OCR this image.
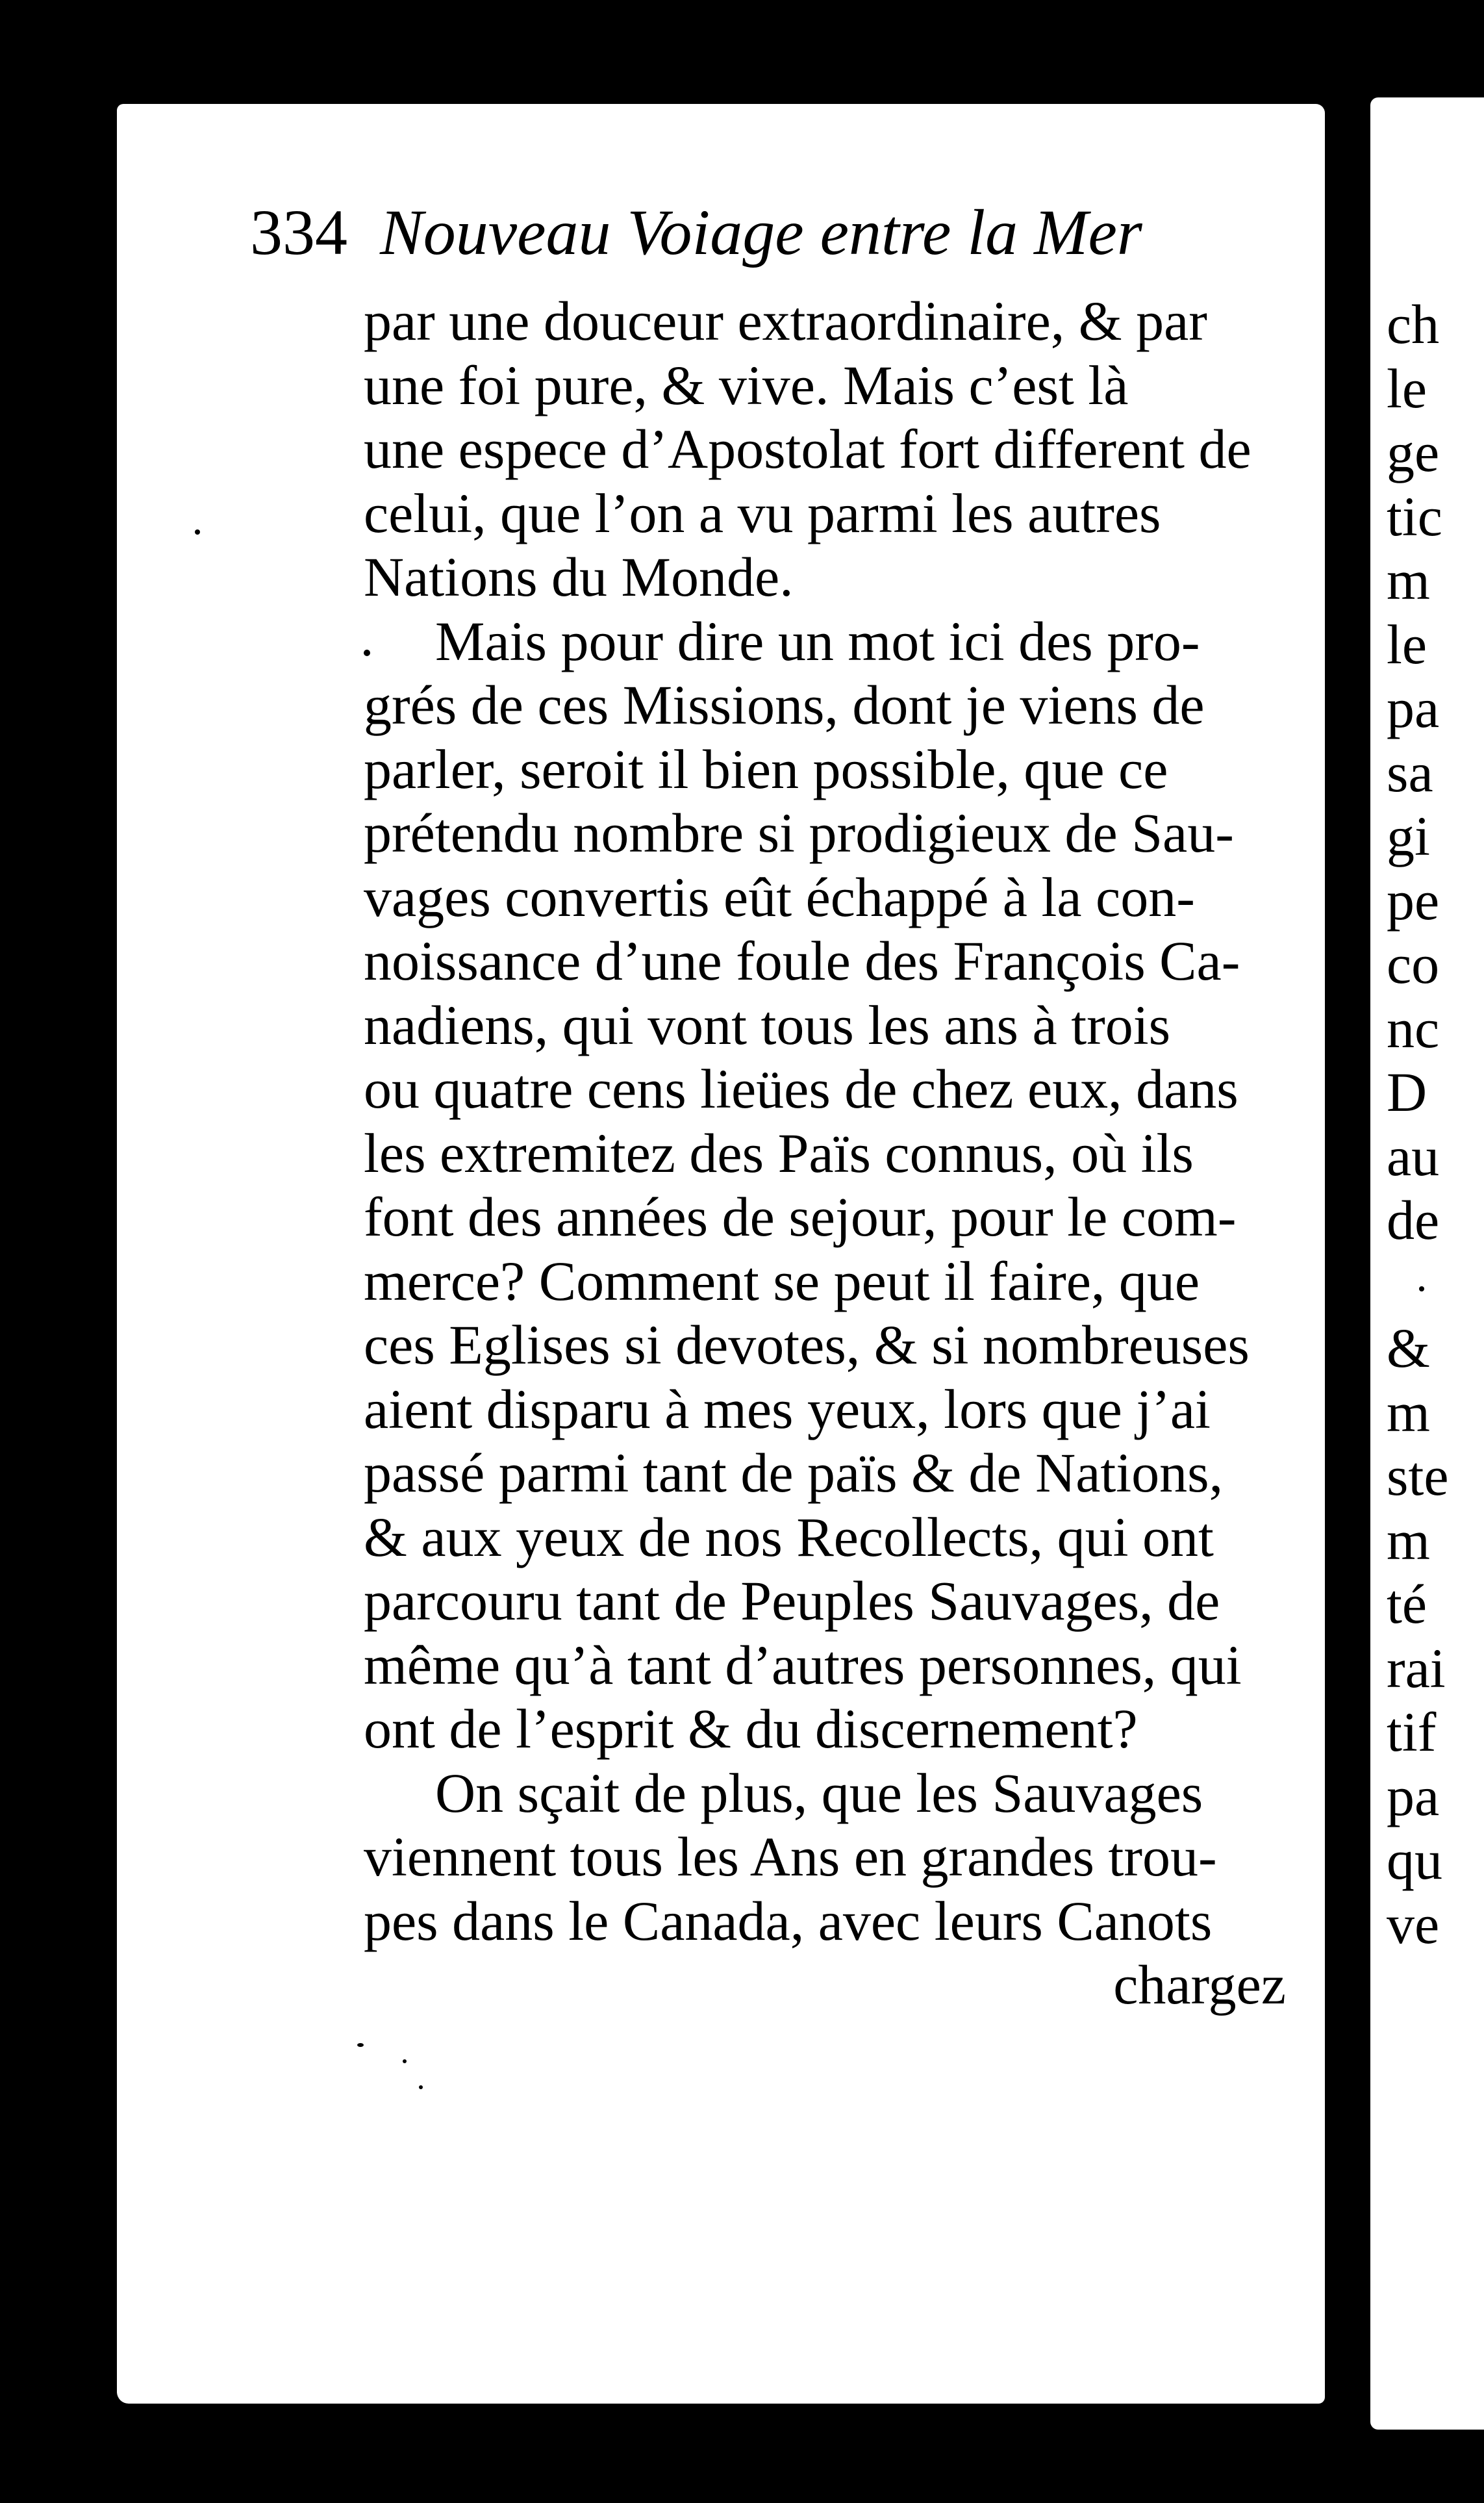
334 Nouveau Voiage entre la Mer
par une douceur extraordinaire, & par
une foi pure, & vive. Mais c’est là
une espece d’Apostolat fort different de
celui, que l’on a vu parmi les autres
Nations du Monde.
Mais pour dire un mot ici des pro-
grés de ces Missions, dont je viens de
parler, seroit il bien possible, que ce
prétendu nombre si prodigieux de Sau-
vages convertis eût échappé à la con-
noissance d’une foule des François Ca-
nadiens, qui vont tous les ans à trois
ou quatre cens lieües de chez eux, dans
les extremitez des Païs connus, où ils
font des années de sejour, pour le com-
merce? Comment se peut il faire, que
ces Eglises si devotes, & si nombreuses
aient disparu à mes yeux, lors que j’ai
passé parmi tant de païs & de Nations,
& aux yeux de nos Recollects, qui ont
parcouru tant de Peuples Sauvages, de
même qu’à tant d’autres personnes, qui
ont de l’esprit & du discernement?
On sçait de plus, que les Sauvages
viennent tous les Ans en grandes trou-
pes dans le Canada, avec leurs Canots
chargez
ch
le
ge
tic
m
le
pa
sa
gi
pe
co
nc
D
au
de
&
m
ste
m
té
rai
tif
pa
qu
ve
